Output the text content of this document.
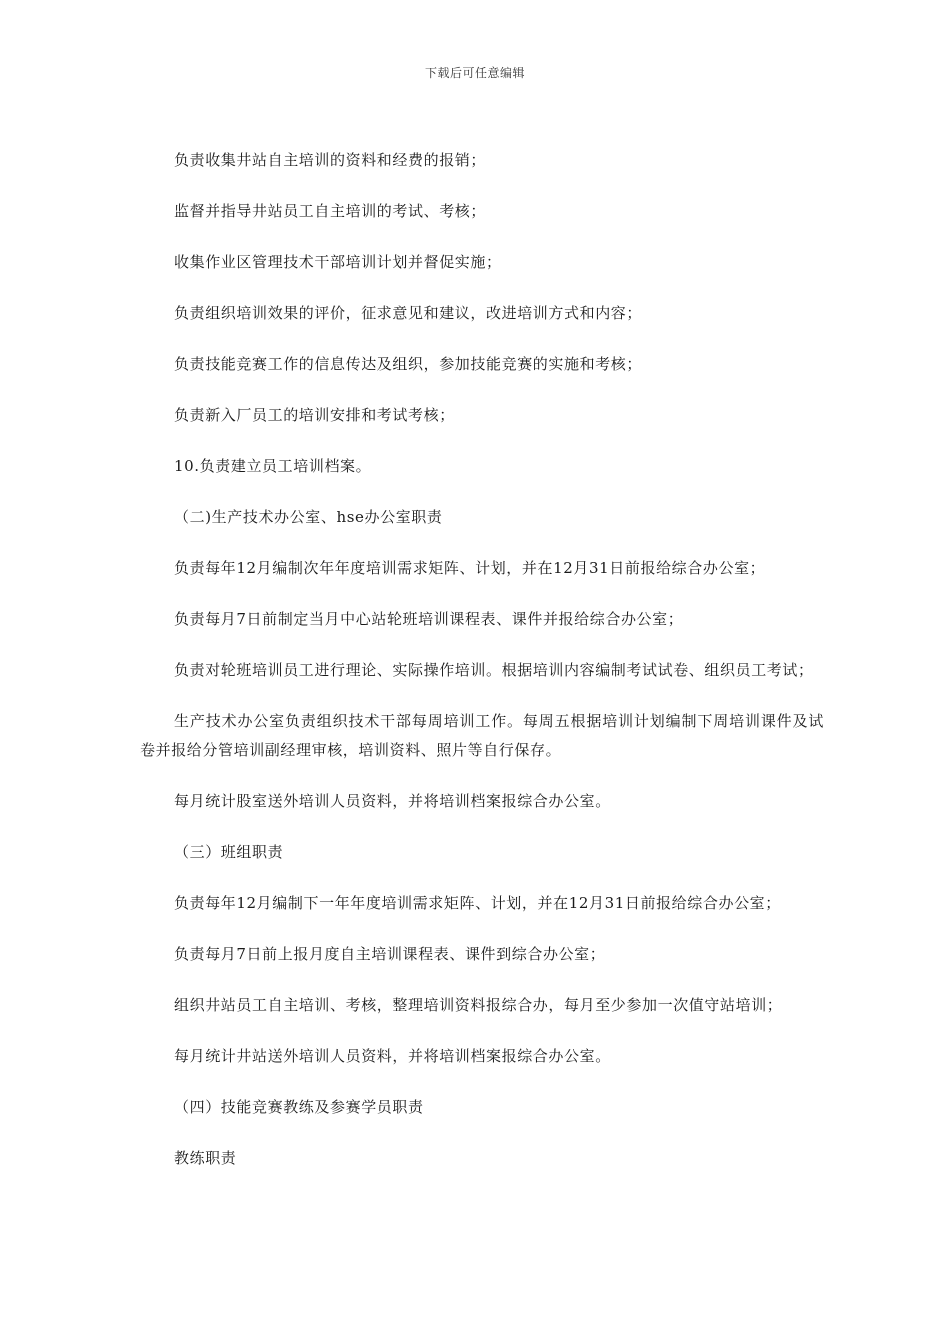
下载后可任意编辑

负责收集井站自主培训的资料和经费的报销；

监督并指导井站员工自主培训的考试、考核；

收集作业区管理技术干部培训计划并督促实施；

负责组织培训效果的评价，征求意见和建议，改进培训方式和内容；

负责技能竞赛工作的信息传达及组织，参加技能竞赛的实施和考核；

负责新入厂员工的培训安排和考试考核；

10.负责建立员工培训档案。

（二)生产技术办公室、hse办公室职责

负责每年12月编制次年年度培训需求矩阵、计划，并在12月31日前报给综合办公室；

负责每月7日前制定当月中心站轮班培训课程表、课件并报给综合办公室；

负责对轮班培训员工进行理论、实际操作培训。根据培训内容编制考试试卷、组织员工考试；

生产技术办公室负责组织技术干部每周培训工作。每周五根据培训计划编制下周培训课件及试卷并报给分管培训副经理审核，培训资料、照片等自行保存。

每月统计股室送外培训人员资料，并将培训档案报综合办公室。

（三）班组职责

负责每年12月编制下一年年度培训需求矩阵、计划，并在12月31日前报给综合办公室；

负责每月7日前上报月度自主培训课程表、课件到综合办公室；

组织井站员工自主培训、考核，整理培训资料报综合办，每月至少参加一次值守站培训；

每月统计井站送外培训人员资料，并将培训档案报综合办公室。

（四）技能竞赛教练及参赛学员职责

教练职责
